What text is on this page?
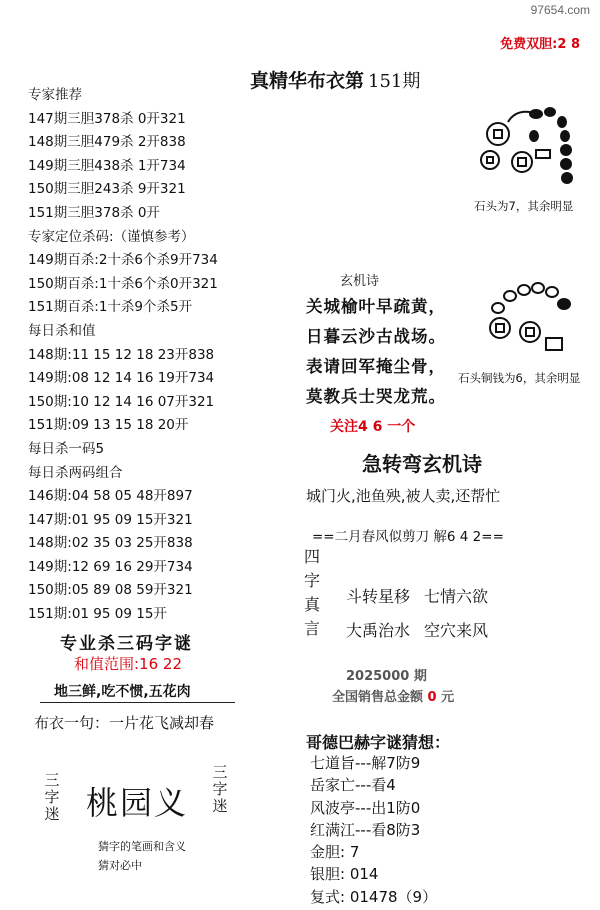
97654.com
免费双胆:2 8
真精华布衣第 151期
专家推荐
147期三胆378杀 0开321
148期三胆479杀 2开838
149期三胆438杀 1开734
150期三胆243杀 9开321
151期三胆378杀 0开
专家定位杀码:（谨慎参考）
149期百杀:2十杀6个杀9开734
150期百杀:1十杀6个杀0开321
151期百杀:1十杀9个杀5开
每日杀和值
148期:11 15 12 18 23开838
149期:08 12 14 16 19开734
150期:10 12 14 16 07开321
151期:09 13 15 18 20开
每日杀一码5
每日杀两码组合
146期:04 58 05 48开897
147期:01 95 09 15开321
148期:02 35 03 25开838
149期:12 69 16 29开734
150期:05 89 08 59开321
151期:01 95 09 15开
专业杀三码字谜
和值范围:16 22
地三鲜,吃不惯,五花肉
布衣一句：一片花飞减却春
三字迷 桃园义
三字迷
猜字的笔画和含义
猜对必中
石头为7，其余明显
石头铜钱为6，其余明显
玄机诗
关城榆叶早疏黄，
日暮云沙古战场。
表请回军掩尘骨，
莫教兵士哭龙荒。
关注4 6 一个
急转弯玄机诗
城门火,池鱼殃,被人卖,还帮忙
==二月春风似剪刀 解6 4 2==
四字真言
斗转星移 七情六欲
大禹治水 空穴来风
2025000 期
全国销售总金额 0 元
哥德巴赫字谜猜想：
七道旨---解7防9
岳家亡---看4
风波亭---出1防0
红满江---看8防3
金胆: 7
银胆: 014
复式: 01478（9）
